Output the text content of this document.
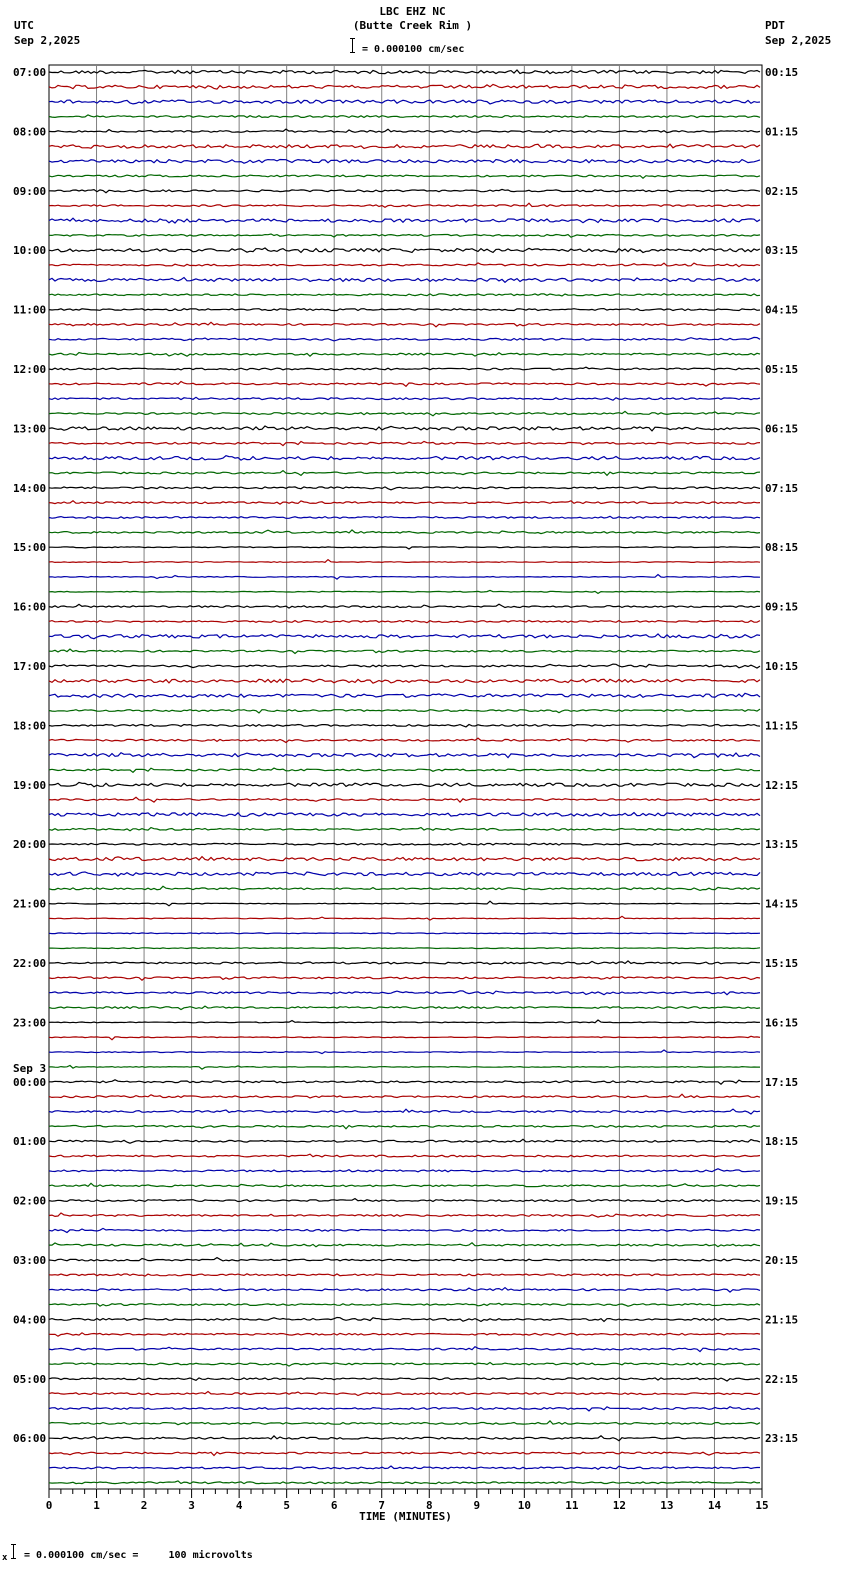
LBC EHZ NC
(Butte Creek Rim )
UTC
Sep 2,2025
PDT
Sep 2,2025
= 0.000100 cm/sec
07:00
08:00
09:00
10:00
11:00
12:00
13:00
14:00
15:00
16:00
17:00
18:00
19:00
20:00
21:00
22:00
23:00
00:00
01:00
02:00
03:00
04:00
05:00
06:00
00:15
01:15
02:15
03:15
04:15
05:15
06:15
07:15
08:15
09:15
10:15
11:15
12:15
13:15
14:15
15:15
16:15
17:15
18:15
19:15
20:15
21:15
22:15
23:15
Sep 3
0	1	2	3	4	5	6	7	8	9	10	11	12	13	14	15
TIME (MINUTES)
x = 0.000100 cm/sec =     100 microvolts
